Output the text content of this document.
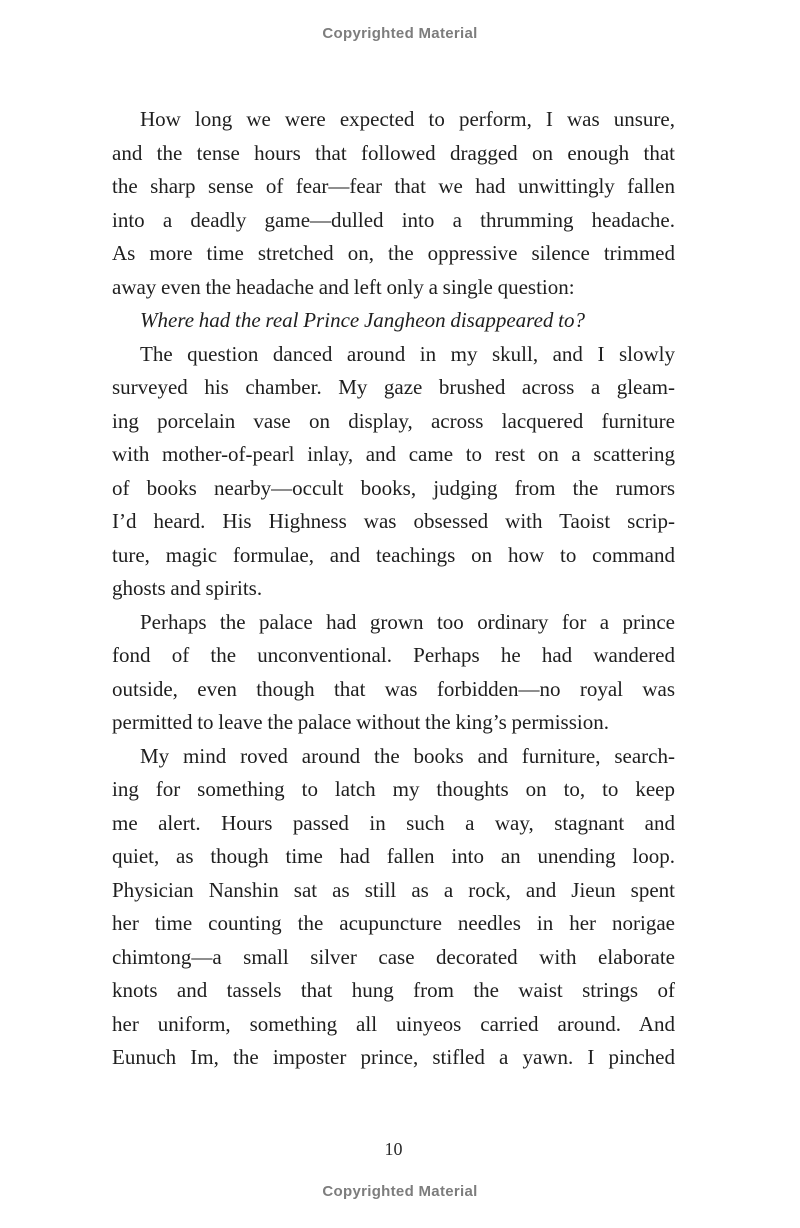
Copyrighted Material
How long we were expected to perform, I was unsure,
and the tense hours that followed dragged on enough that
the sharp sense of fear—fear that we had unwittingly fallen
into a deadly game—dulled into a thrumming headache.
As more time stretched on, the oppressive silence trimmed
away even the headache and left only a single question:
Where had the real Prince Jangheon disappeared to?
The question danced around in my skull, and I slowly
surveyed his chamber. My gaze brushed across a gleam-
ing porcelain vase on display, across lacquered furniture
with mother-of-pearl inlay, and came to rest on a scattering
of books nearby—occult books, judging from the rumors
I’d heard. His Highness was obsessed with Taoist scrip-
ture, magic formulae, and teachings on how to command
ghosts and spirits.
Perhaps the palace had grown too ordinary for a prince
fond of the unconventional. Perhaps he had wandered
outside, even though that was forbidden—no royal was
permitted to leave the palace without the king’s permission.
My mind roved around the books and furniture, search-
ing for something to latch my thoughts on to, to keep
me alert. Hours passed in such a way, stagnant and
quiet, as though time had fallen into an unending loop.
Physician Nanshin sat as still as a rock, and Jieun spent
her time counting the acupuncture needles in her norigae
chimtong—a small silver case decorated with elaborate
knots and tassels that hung from the waist strings of
her uniform, something all uinyeos carried around. And
Eunuch Im, the imposter prince, stifled a yawn. I pinched
10
Copyrighted Material
